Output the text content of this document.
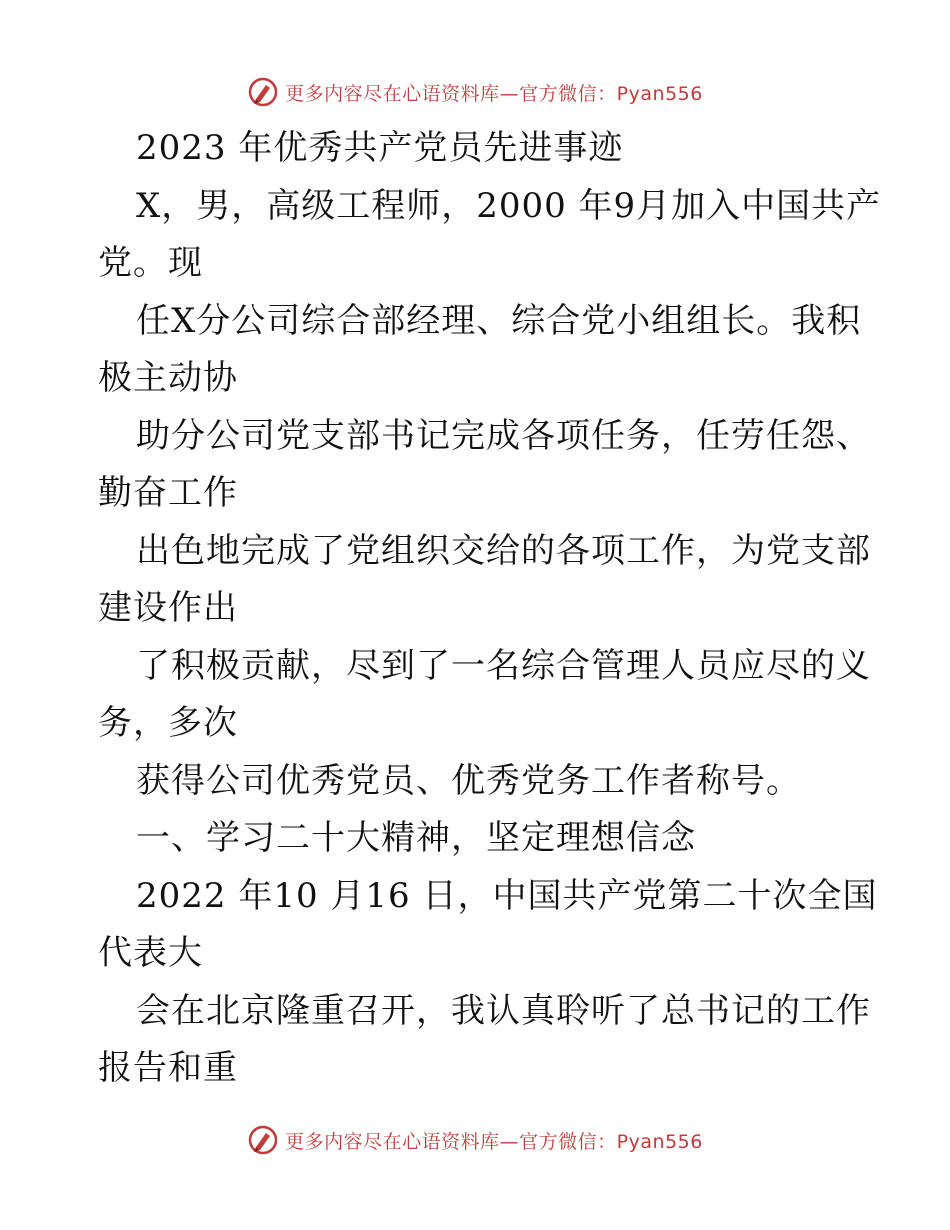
更多内容尽在心语资料库—官方微信：Pyan556
2023 年优秀共产党员先进事迹
X，男，高级工程师，2000 年9月加入中国共产
党。现
任X分公司综合部经理、综合党小组组长。我积
极主动协
助分公司党支部书记完成各项任务，任劳任怨、
勤奋工作
出色地完成了党组织交给的各项工作，为党支部
建设作出
了积极贡献，尽到了一名综合管理人员应尽的义
务，多次
获得公司优秀党员、优秀党务工作者称号。
一、学习二十大精神，坚定理想信念
2022 年10 月16 日，中国共产党第二十次全国
代表大
会在北京隆重召开，我认真聆听了总书记的工作
报告和重
更多内容尽在心语资料库—官方微信：Pyan556
